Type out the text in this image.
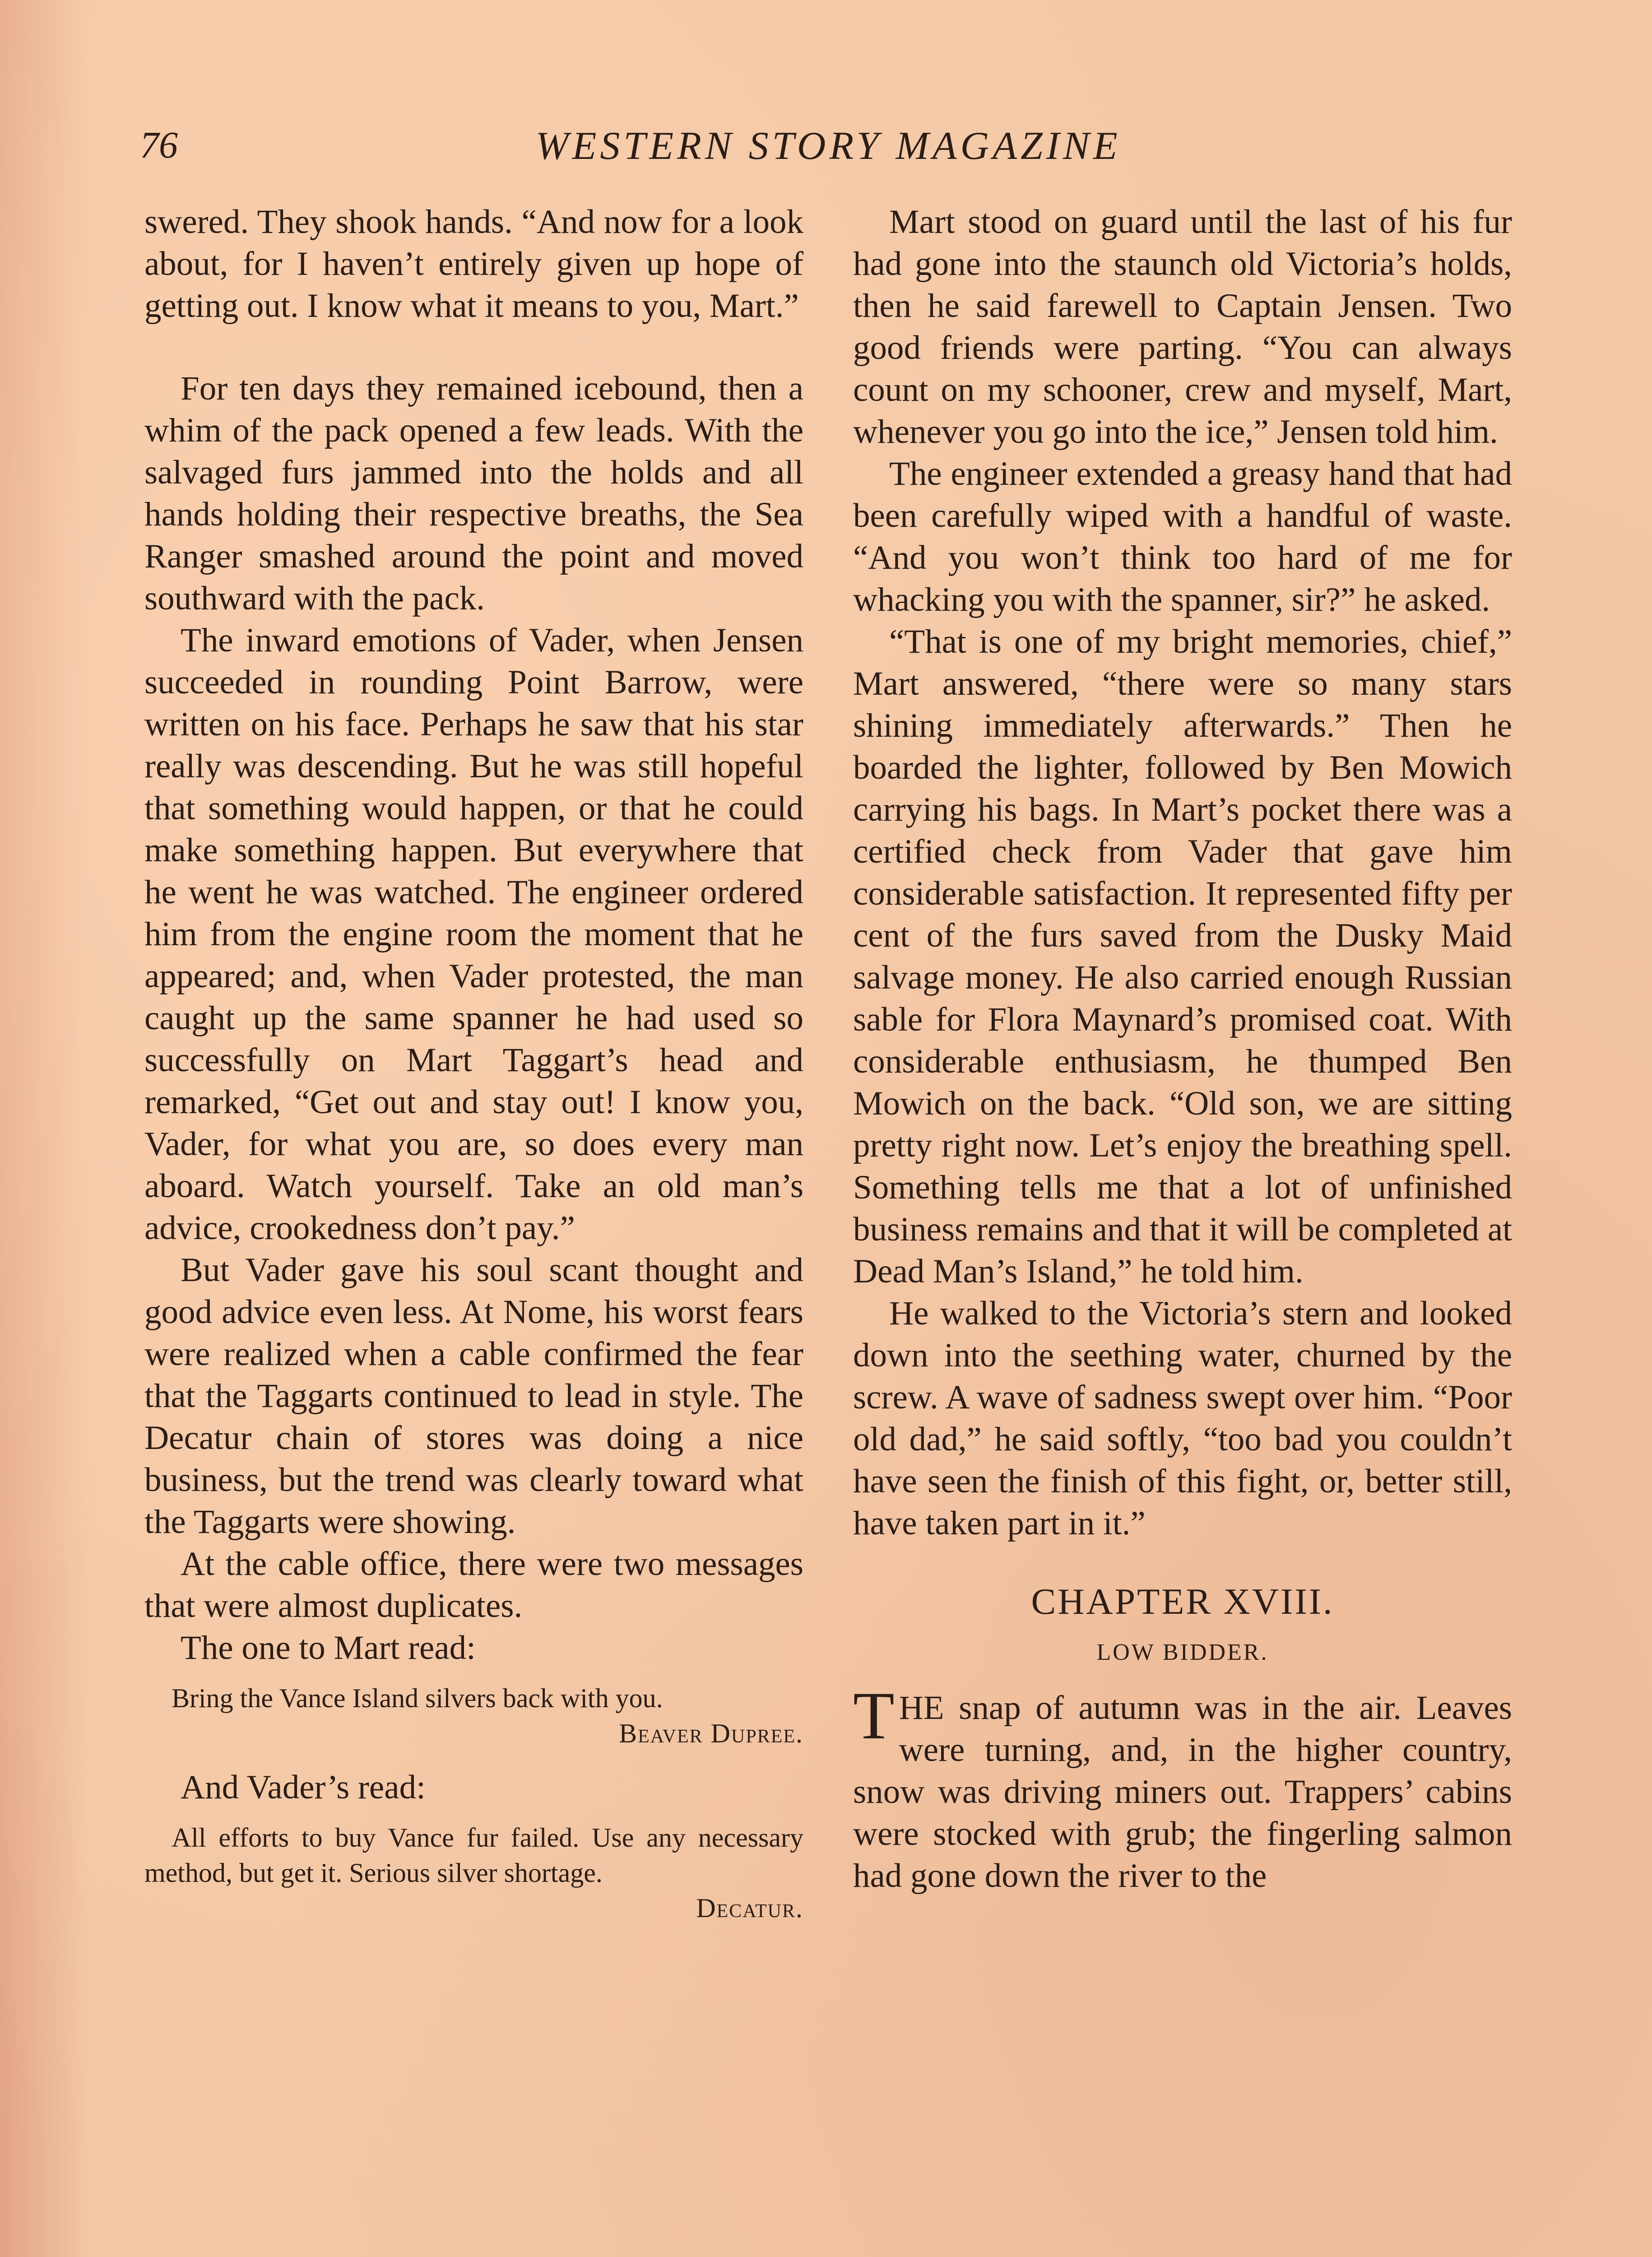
76	WESTERN STORY MAGAZINE

swered. They shook hands. “And now for a look about, for I haven’t entirely given up hope of getting out. I know what it means to you, Mart.”

For ten days they remained icebound, then a whim of the pack opened a few leads. With the salvaged furs jammed into the holds and all hands holding their respective breaths, the Sea Ranger smashed around the point and moved southward with the pack.

The inward emotions of Vader, when Jensen succeeded in rounding Point Barrow, were written on his face. Perhaps he saw that his star really was descending. But he was still hopeful that something would happen, or that he could make something happen. But everywhere that he went he was watched. The engineer ordered him from the engine room the moment that he appeared; and, when Vader protested, the man caught up the same spanner he had used so successfully on Mart Taggart’s head and remarked, “Get out and stay out! I know you, Vader, for what you are, so does every man aboard. Watch yourself. Take an old man’s advice, crookedness don’t pay.”

But Vader gave his soul scant thought and good advice even less. At Nome, his worst fears were realized when a cable confirmed the fear that the Taggarts continued to lead in style. The Decatur chain of stores was doing a nice business, but the trend was clearly toward what the Taggarts were showing.

At the cable office, there were two messages that were almost duplicates.

The one to Mart read:

Bring the Vance Island silvers back with you.

Beaver Dupree.

And Vader’s read:

All efforts to buy Vance fur failed. Use any necessary method, but get it. Serious silver shortage.

Decatur.

Mart stood on guard until the last of his fur had gone into the staunch old Victoria’s holds, then he said farewell to Captain Jensen. Two good friends were parting. “You can always count on my schooner, crew and myself, Mart, whenever you go into the ice,” Jensen told him.

The engineer extended a greasy hand that had been carefully wiped with a handful of waste. “And you won’t think too hard of me for whacking you with the spanner, sir?” he asked.

“That is one of my bright memories, chief,” Mart answered, “there were so many stars shining immediately afterwards.” Then he boarded the lighter, followed by Ben Mowich carrying his bags. In Mart’s pocket there was a certified check from Vader that gave him considerable satisfaction. It represented fifty per cent of the furs saved from the Dusky Maid salvage money. He also carried enough Russian sable for Flora Maynard’s promised coat. With considerable enthusiasm, he thumped Ben Mowich on the back. “Old son, we are sitting pretty right now. Let’s enjoy the breathing spell. Something tells me that a lot of unfinished business remains and that it will be completed at Dead Man’s Island,” he told him.

He walked to the Victoria’s stern and looked down into the seething water, churned by the screw. A wave of sadness swept over him. “Poor old dad,” he said softly, “too bad you couldn’t have seen the finish of this fight, or, better still, have taken part in it.”

CHAPTER XVIII.
LOW BIDDER.

THE snap of autumn was in the air. Leaves were turning, and, in the higher country, snow was driving miners out. Trappers’ cabins were stocked with grub; the fingerling salmon had gone down the river to the
